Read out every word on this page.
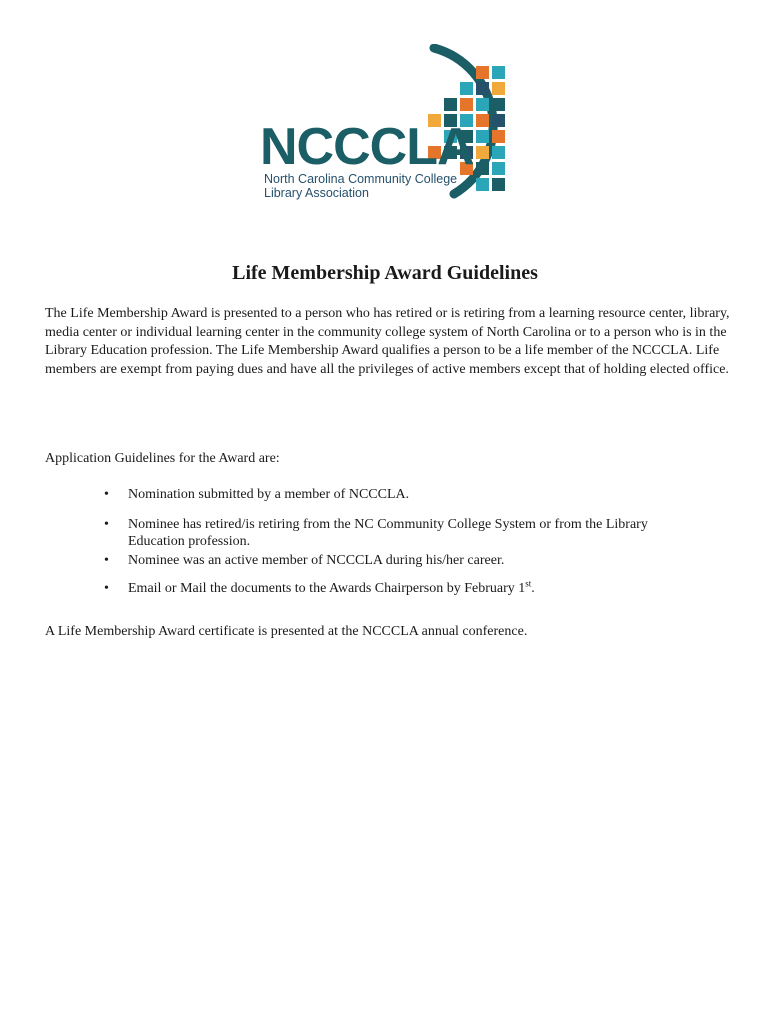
NCCCLA
North Carolina Community College
Library Association
Life Membership Award Guidelines

The Life Membership Award is presented to a person who has retired or is retiring from a learning resource center, library, media center or individual learning center in the community college system of North Carolina or to a person who is in the Library Education profession. The Life Membership Award qualifies a person to be a life member of the NCCCLA. Life members are exempt from paying dues and have all the privileges of active members except that of holding elected office.

Application Guidelines for the Award are:

• Nomination submitted by a member of NCCCLA.
• Nominee has retired/is retiring from the NC Community College System or from the Library Education profession.
• Nominee was an active member of NCCCLA during his/her career.
• Email or Mail the documents to the Awards Chairperson by February 1st.

A Life Membership Award certificate is presented at the NCCCLA annual conference.
